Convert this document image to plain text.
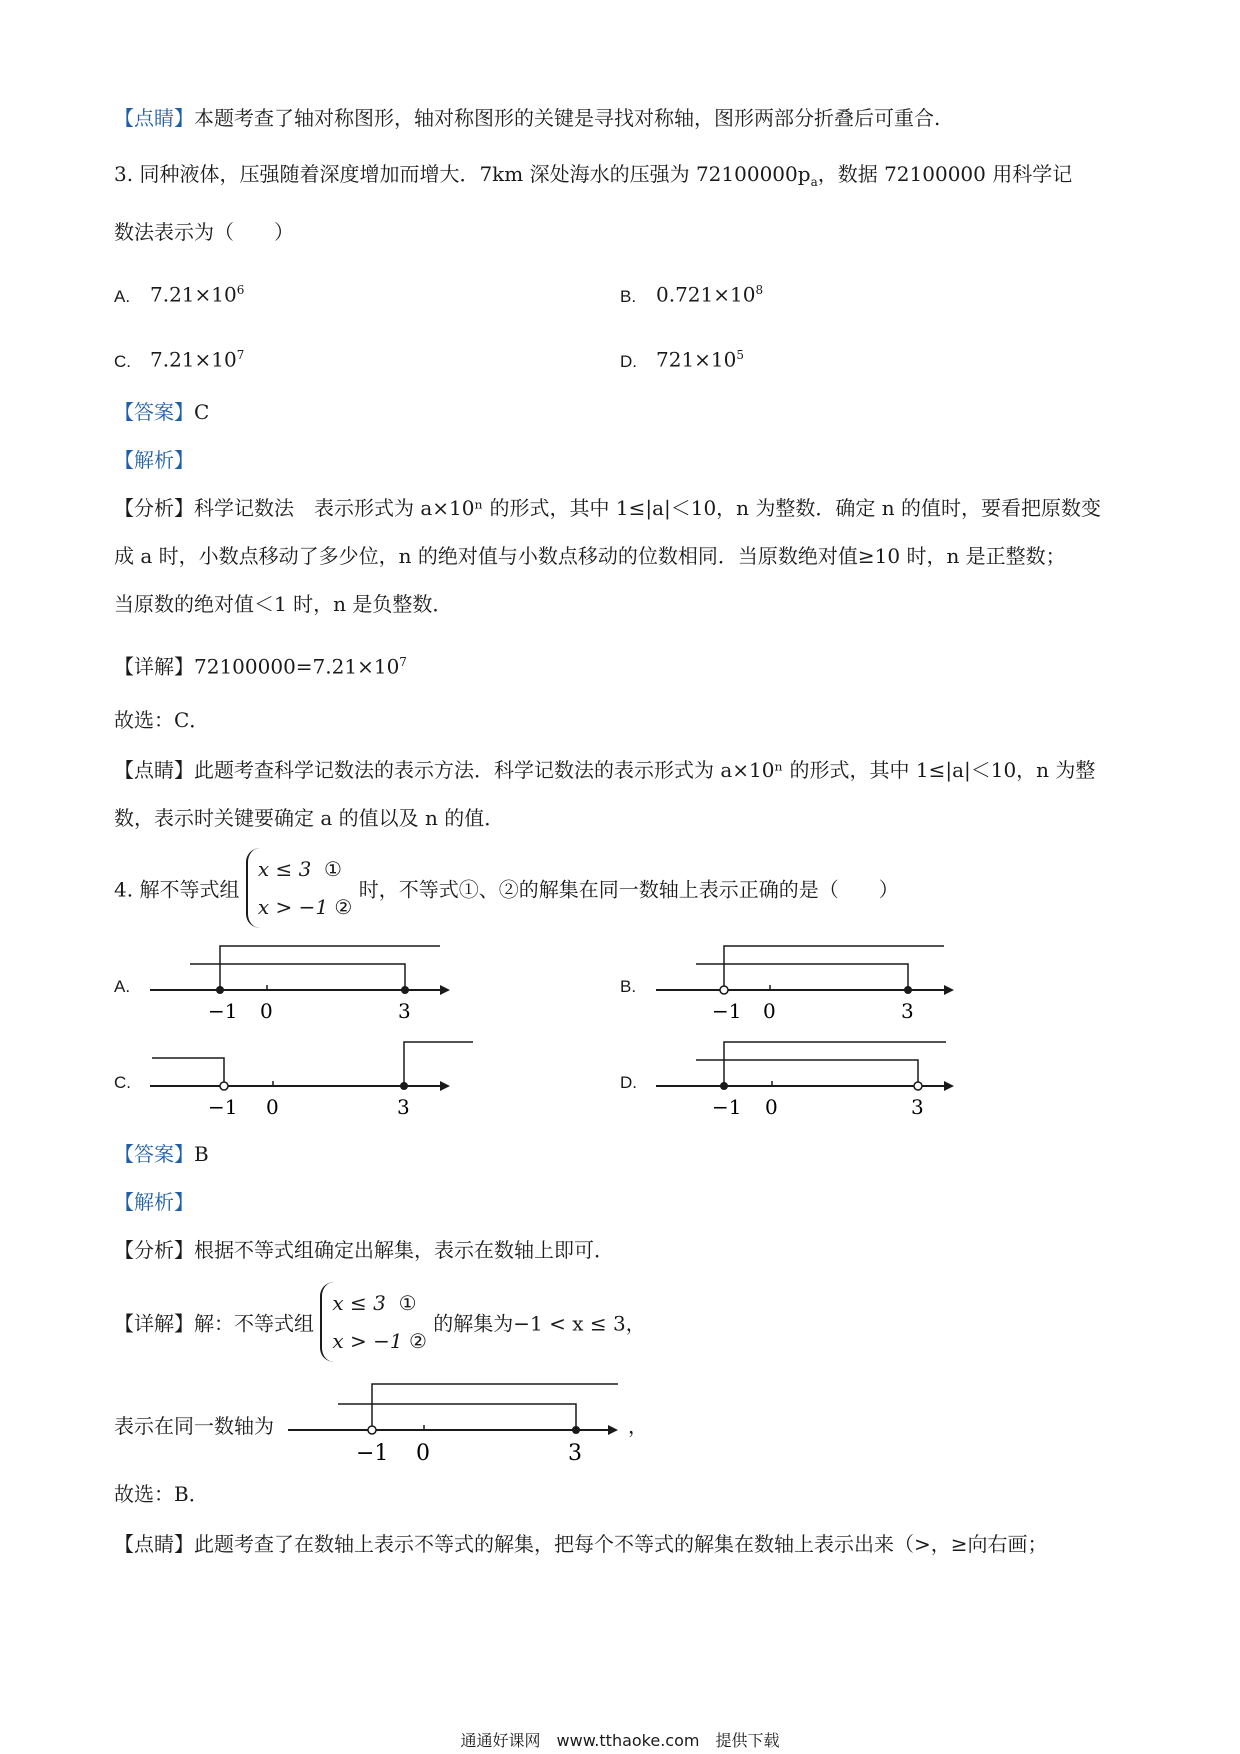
【点睛】本题考查了轴对称图形，轴对称图形的关键是寻找对称轴，图形两部分折叠后可重合.
3. 同种液体，压强随着深度增加而增大．7km 深处海水的压强为 $72100000p_a$，数据 72100000 用科学记
数法表示为（　　）
A. $7.21\times 10^6$	B. $0.721\times 10^8$
C. $7.21\times 10^7$	D. $721\times 10^5$
【答案】C
【解析】
【分析】科学记数法　表示形式为 a×10ⁿ 的形式，其中 1≤|a|＜10，n 为整数．确定 n 的值时，要看把原数变
成 a 时，小数点移动了多少位，n 的绝对值与小数点移动的位数相同．当原数绝对值≥10 时，n 是正整数；
当原数的绝对值＜1 时，n 是负整数．
【详解】$72100000=7.21\times 10^7$
故选：C．
【点睛】此题考查科学记数法的表示方法．科学记数法的表示形式为 a×10ⁿ 的形式，其中 1≤|a|＜10，n 为整
数，表示时关键要确定 a 的值以及 n 的值．
4. 解不等式组 x ≤ 3 ①
x > −1 ② 时，不等式①、②的解集在同一数轴上表示正确的是（　　）
A.
−1 0	3
B.
−1 0	3
C.
−1 0	3
D.
−1 0	3
【答案】B
【解析】
【分析】根据不等式组确定出解集，表示在数轴上即可．
【详解】解：不等式组 x ≤ 3 ①
x > −1 ② 的解集为−1 < x ≤ 3，
表示在同一数轴为
−1 0	3
，
故选：B．
【点睛】此题考查了在数轴上表示不等式的解集，把每个不等式的解集在数轴上表示出来（>，≥向右画；
通通好课网　www.tthaoke.com　提供下载
